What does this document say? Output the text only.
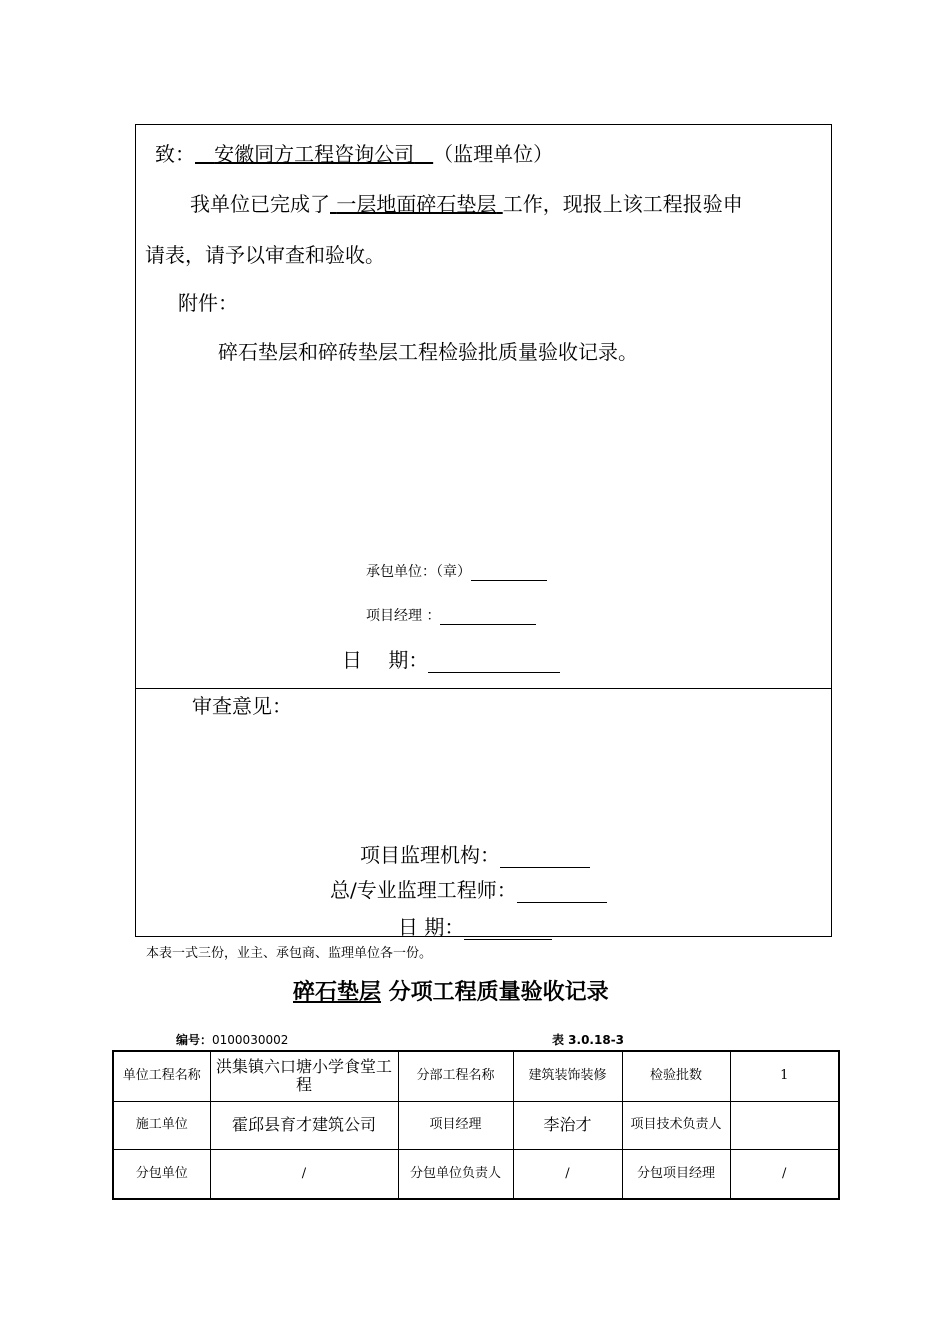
致： 安徽同方工程咨询公司 （监理单位）
我单位已完成了 一层地面碎石垫层 工作，现报上该工程报验申
请表，请予以审查和验收。
附件：
碎石垫层和碎砖垫层工程检验批质量验收记录。
承包单位：（章）
项目经理 ：
日　 期：
审查意见：
项目监理机构：
总/专业监理工程师：
日 期：
本表一式三份，业主、承包商、监理单位各一份。
碎石垫层 分项工程质量验收记录
编号：0100030002	表 3.0.18-3
单位工程名称	洪集镇六口塘小学食堂工程	分部工程名称	建筑装饰装修	检验批数	1
施工单位	霍邱县育才建筑公司	项目经理	李治才	项目技术负责人	
分包单位	/	分包单位负责人	/	分包项目经理	/
